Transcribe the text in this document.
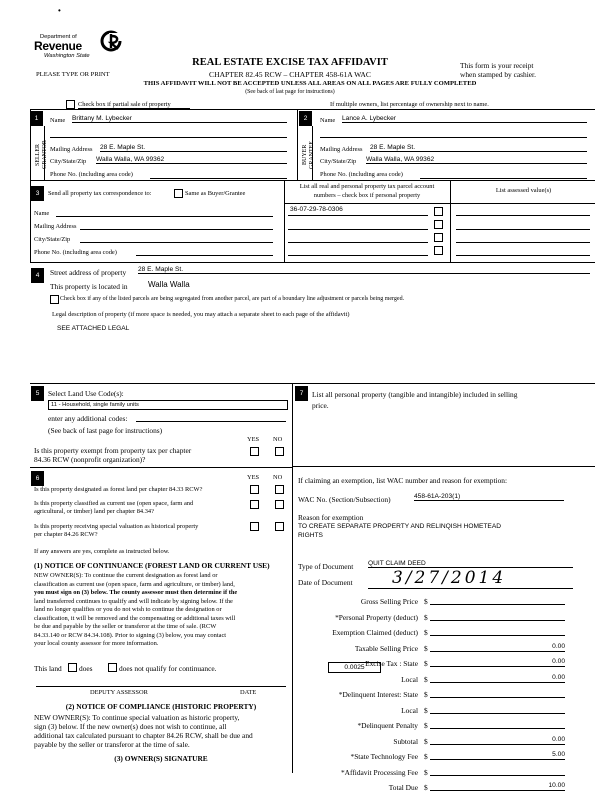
•
Department of
Revenue
Washington State
PLEASE TYPE OR PRINT
REAL ESTATE EXCISE TAX AFFIDAVIT
CHAPTER 82.45 RCW – CHAPTER 458-61A WAC
THIS AFFIDAVIT WILL NOT BE ACCEPTED UNLESS ALL AREAS ON ALL PAGES ARE FULLY COMPLETED
(See back of last page for instructions)
This form is your receipt
when stamped by cashier.
Check box if partial sale of property	If multiple owners, list percentage of ownership next to name.
1
SELLER GRANTOR
Name Brittany M. Lybecker
Mailing Address 28 E. Maple St.
City/State/Zip Walla Walla, WA 99362
Phone No. (including area code)
2
BUYER GRANTEE
Name Lance A. Lybecker
Mailing Address 28 E. Maple St.
City/State/Zip Walla Walla, WA 99362
Phone No. (including area code)
3	Send all property tax correspondence to:	Same as Buyer/Grantee
Name
Mailing Address
City/State/Zip
Phone No. (including area code)
List all real and personal property tax parcel account
numbers – check box if personal property
List assessed value(s)
36-07-29-78-0306
4	Street address of property 28 E. Maple St.
This property is located in	Walla Walla
Check box if any of the listed parcels are being segregated from another parcel, are part of a boundary line adjustment or parcels being merged.
Legal description of property (if more space is needed, you may attach a separate sheet to each page of the affidavit)
SEE ATTACHED LEGAL
5	Select Land Use Code(s):
11 - Household, single family units
enter any additional codes:
(See back of last page for instructions)
YES NO
Is this property exempt from property tax per chapter
84.36 RCW (nonprofit organization)?
6	YES NO
Is this property designated as forest land per chapter 84.33 RCW?
Is this property classified as current use (open space, farm and
agricultural, or timber) land per chapter 84.34?
Is this property receiving special valuation as historical property
per chapter 84.26 RCW?
If any answers are yes, complete as instructed below.
(1) NOTICE OF CONTINUANCE (FOREST LAND OR CURRENT USE)
NEW OWNER(S): To continue the current designation as forest land or
classification as current use (open space, farm and agriculture, or timber) land,
you must sign on (3) below. The county assessor must then determine if the
land transferred continues to qualify and will indicate by signing below. If the
land no longer qualifies or you do not wish to continue the designation or
classification, it will be removed and the compensating or additional taxes will
be due and payable by the seller or transferor at the time of sale. (RCW
84.33.140 or RCW 84.34.108). Prior to signing (3) below, you may contact
your local county assessor for more information.
This land does	does not qualify for continuance.
DEPUTY ASSESSOR	DATE
(2) NOTICE OF COMPLIANCE (HISTORIC PROPERTY)
NEW OWNER(S): To continue special valuation as historic property,
sign (3) below. If the new owner(s) does not wish to continue, all
additional tax calculated pursuant to chapter 84.26 RCW, shall be due and
payable by the seller or transferor at the time of sale.
(3) OWNER(S) SIGNATURE
7	List all personal property (tangible and intangible) included in selling
price.
If claiming an exemption, list WAC number and reason for exemption:
WAC No. (Section/Subsection)	458-61A-203(1)
Reason for exemption
TO CREATE SEPARATE PROPERTY AND RELINQISH HOMETEAD
RIGHTS
Type of Document QUIT CLAIM DEED
Date of Document 3/27/2014
Gross Selling Price $
*Personal Property (deduct) $
Exemption Claimed (deduct) $
Taxable Selling Price $	0.00
Excise Tax : State $	0.00
Local $	0.00
*Delinquent Interest: State $
Local $
*Delinquent Penalty $
Subtotal $	0.00
*State Technology Fee $	5.00
*Affidavit Processing Fee $
Total Due $	10.00
0.0025
